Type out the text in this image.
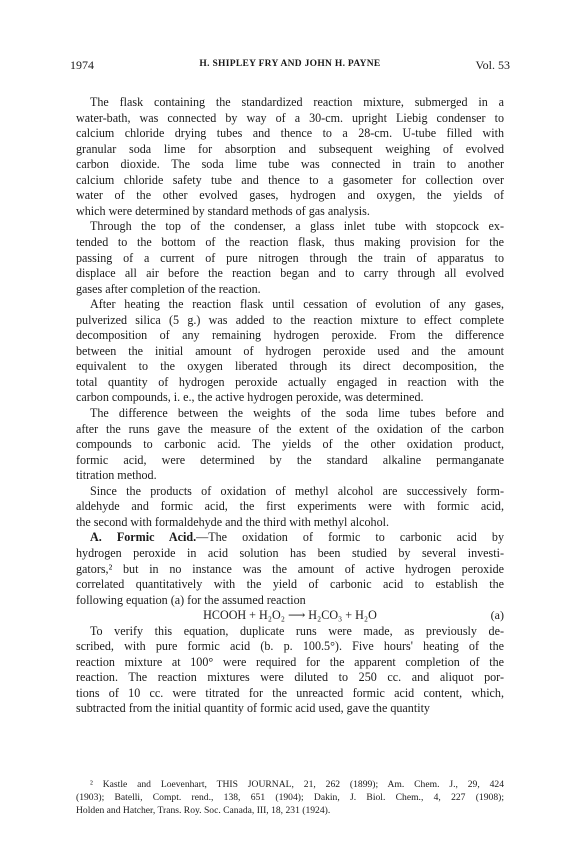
1974	H. SHIPLEY FRY AND JOHN H. PAYNE	Vol. 53
The flask containing the standardized reaction mixture, submerged in a
water-bath, was connected by way of a 30-cm. upright Liebig condenser to
calcium chloride drying tubes and thence to a 28-cm. U-tube filled with
granular soda lime for absorption and subsequent weighing of evolved
carbon dioxide. The soda lime tube was connected in train to another
calcium chloride safety tube and thence to a gasometer for collection over
water of the other evolved gases, hydrogen and oxygen, the yields of
which were determined by standard methods of gas analysis.
Through the top of the condenser, a glass inlet tube with stopcock ex-
tended to the bottom of the reaction flask, thus making provision for the
passing of a current of pure nitrogen through the train of apparatus to
displace all air before the reaction began and to carry through all evolved
gases after completion of the reaction.
After heating the reaction flask until cessation of evolution of any gases,
pulverized silica (5 g.) was added to the reaction mixture to effect complete
decomposition of any remaining hydrogen peroxide. From the difference
between the initial amount of hydrogen peroxide used and the amount
equivalent to the oxygen liberated through its direct decomposition, the
total quantity of hydrogen peroxide actually engaged in reaction with the
carbon compounds, i. e., the active hydrogen peroxide, was determined.
The difference between the weights of the soda lime tubes before and
after the runs gave the measure of the extent of the oxidation of the carbon
compounds to carbonic acid. The yields of the other oxidation product,
formic acid, were determined by the standard alkaline permanganate
titration method.
Since the products of oxidation of methyl alcohol are successively form-
aldehyde and formic acid, the first experiments were with formic acid,
the second with formaldehyde and the third with methyl alcohol.
A. Formic Acid.—The oxidation of formic to carbonic acid by
hydrogen peroxide in acid solution has been studied by several investi-
gators,² but in no instance was the amount of active hydrogen peroxide
correlated quantitatively with the yield of carbonic acid to establish the
following equation (a) for the assumed reaction
HCOOH + H₂O₂ ⟶ H₂CO₃ + H₂O
To verify this equation, duplicate runs were made, as previously de-
scribed, with pure formic acid (b. p. 100.5°). Five hours' heating of the
reaction mixture at 100° were required for the apparent completion of the
reaction. The reaction mixtures were diluted to 250 cc. and aliquot por-
tions of 10 cc. were titrated for the unreacted formic acid content, which,
subtracted from the initial quantity of formic acid used, gave the quantity
² Kastle and Loevenhart, THIS JOURNAL, 21, 262 (1899); Am. Chem. J., 29, 424
(1903); Batelli, Compt. rend., 138, 651 (1904); Dakin, J. Biol. Chem., 4, 227 (1908);
Holden and Hatcher, Trans. Roy. Soc. Canada, III, 18, 231 (1924).
(a)
